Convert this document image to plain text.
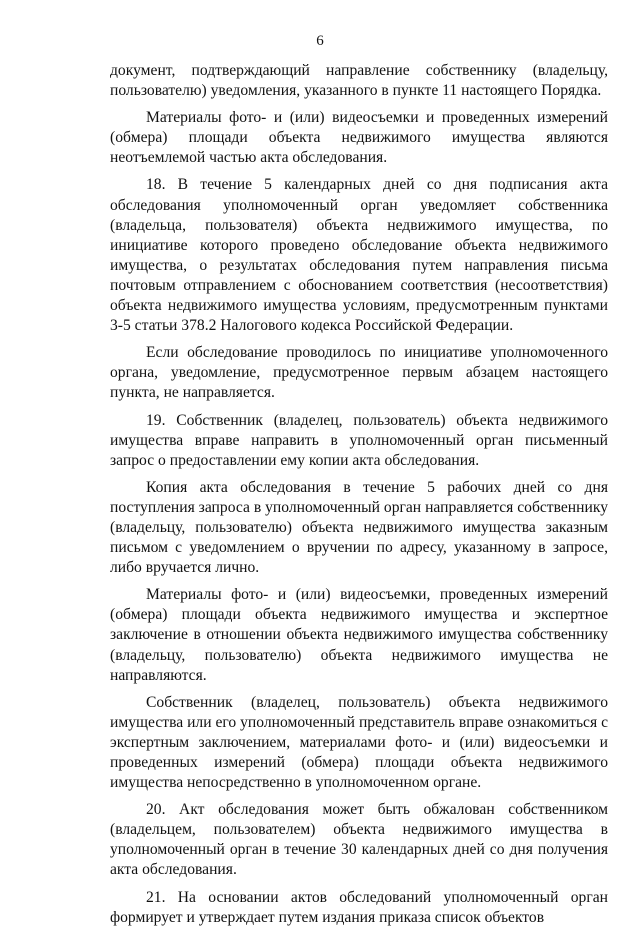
6

документ, подтверждающий направление собственнику (владельцу, пользователю) уведомления, указанного в пункте 11 настоящего Порядка.

Материалы фото- и (или) видеосъемки и проведенных измерений (обмера) площади объекта недвижимого имущества являются неотъемлемой частью акта обследования.

18. В течение 5 календарных дней со дня подписания акта обследования уполномоченный орган уведомляет собственника (владельца, пользователя) объекта недвижимого имущества, по инициативе которого проведено обследование объекта недвижимого имущества, о результатах обследования путем направления письма почтовым отправлением с обоснованием соответствия (несоответствия) объекта недвижимого имущества условиям, предусмотренным пунктами 3-5 статьи 378.2 Налогового кодекса Российской Федерации.

Если обследование проводилось по инициативе уполномоченного органа, уведомление, предусмотренное первым абзацем настоящего пункта, не направляется.

19. Собственник (владелец, пользователь) объекта недвижимого имущества вправе направить в уполномоченный орган письменный запрос о предоставлении ему копии акта обследования.

Копия акта обследования в течение 5 рабочих дней со дня поступления запроса в уполномоченный орган направляется собственнику (владельцу, пользователю) объекта недвижимого имущества заказным письмом с уведомлением о вручении по адресу, указанному в запросе, либо вручается лично.

Материалы фото- и (или) видеосъемки, проведенных измерений (обмера) площади объекта недвижимого имущества и экспертное заключение в отношении объекта недвижимого имущества собственнику (владельцу, пользователю) объекта недвижимого имущества не направляются.

Собственник (владелец, пользователь) объекта недвижимого имущества или его уполномоченный представитель вправе ознакомиться с экспертным заключением, материалами фото- и (или) видеосъемки и проведенных измерений (обмера) площади объекта недвижимого имущества непосредственно в уполномоченном органе.

20. Акт обследования может быть обжалован собственником (владельцем, пользователем) объекта недвижимого имущества в уполномоченный орган в течение 30 календарных дней со дня получения акта обследования.

21. На основании актов обследований уполномоченный орган формирует и утверждает путем издания приказа список объектов
